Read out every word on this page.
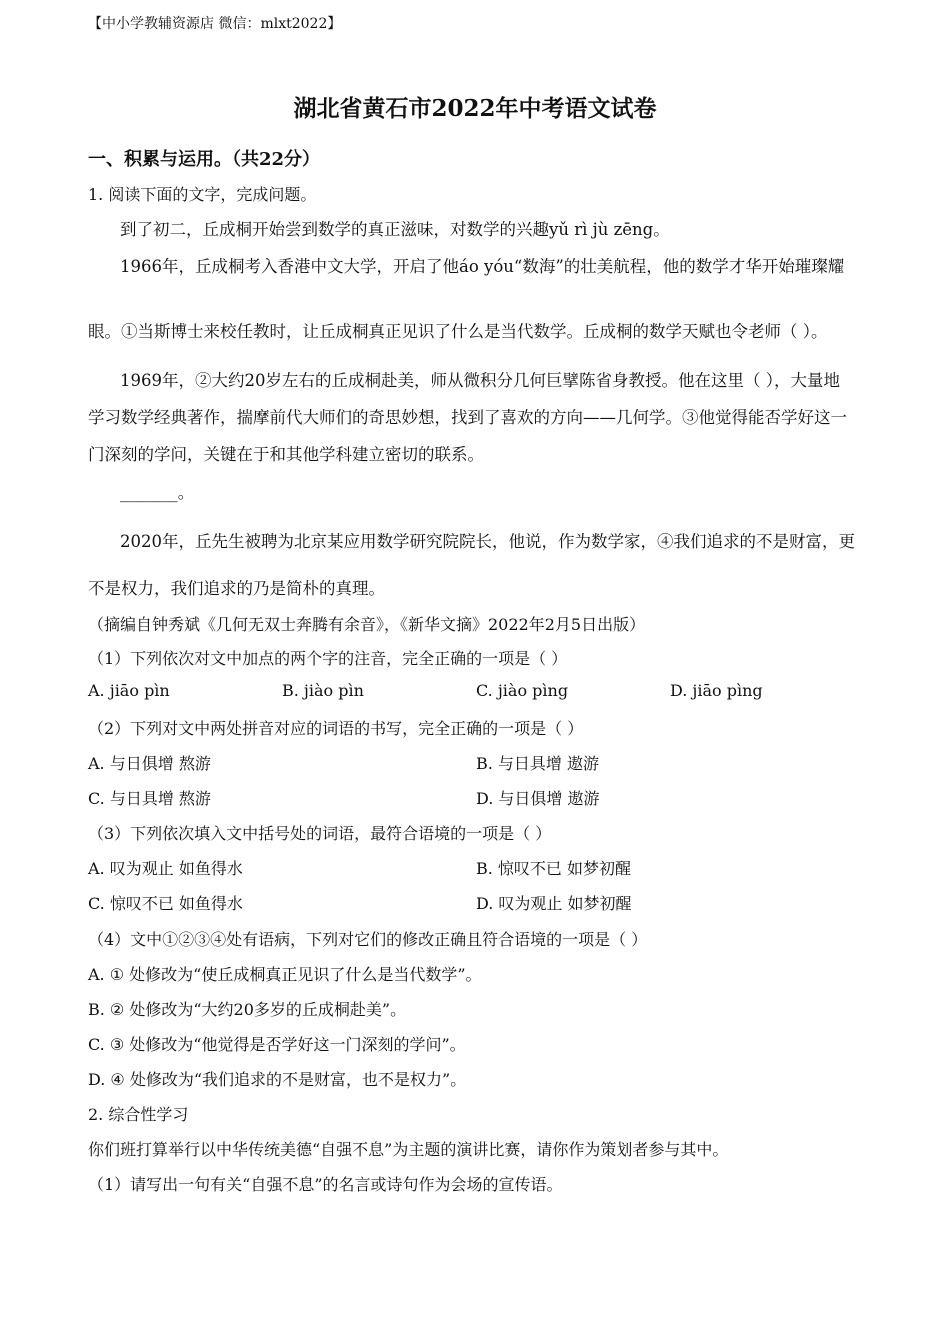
【中小学教辅资源店 微信：mlxt2022】
湖北省黄石市2022年中考语文试卷
一、积累与运用。（共22分）
1. 阅读下面的文字，完成问题。
到了初二，丘成桐开始尝到数学的真正滋味，对数学的兴趣yǔ rì jù zēng。
1966年，丘成桐考入香港中文大学，开启了他áo yóu“数海”的壮美航程，他的数学才华开始璀璨耀
眼。①当斯博士来校任教时，让丘成桐真正见识了什么是当代数学。丘成桐的数学天赋也令老师（ ）。
1969年，②大约20岁左右的丘成桐赴美，师从微积分几何巨擘陈省身教授。他在这里（ ），大量地
学习数学经典著作，揣摩前代大师们的奇思妙想，找到了喜欢的方向——几何学。③他觉得能否学好这一
门深刻的学问，关键在于和其他学科建立密切的联系。
_______。
2020年，丘先生被聘为北京某应用数学研究院院长，他说，作为数学家，④我们追求的不是财富，更
不是权力，我们追求的乃是简朴的真理。
（摘编自钟秀斌《几何无双士奔腾有余音》，《新华文摘》2022年2月5日出版）
（1）下列依次对文中加点的两个字的注音，完全正确的一项是（ ）
A. jiāo pìn	B. jiào pìn	C. jiào pìng	D. jiāo pìng
（2）下列对文中两处拼音对应的词语的书写，完全正确的一项是（ ）
A. 与日俱增 熬游	B. 与日具增 遨游
C. 与日具增 熬游	D. 与日俱增 遨游
（3）下列依次填入文中括号处的词语，最符合语境的一项是（ ）
A. 叹为观止 如鱼得水	B. 惊叹不已 如梦初醒
C. 惊叹不已 如鱼得水	D. 叹为观止 如梦初醒
（4）文中①②③④处有语病，下列对它们的修改正确且符合语境的一项是（ ）
A. ① 处修改为“使丘成桐真正见识了什么是当代数学”。
B. ② 处修改为“大约20多岁的丘成桐赴美”。
C. ③ 处修改为“他觉得是否学好这一门深刻的学问”。
D. ④ 处修改为“我们追求的不是财富，也不是权力”。
2. 综合性学习
你们班打算举行以中华传统美德“自强不息”为主题的演讲比赛，请你作为策划者参与其中。
（1）请写出一句有关“自强不息”的名言或诗句作为会场的宣传语。
